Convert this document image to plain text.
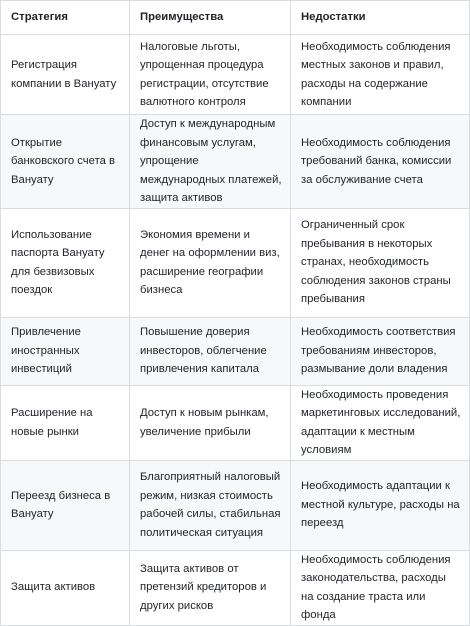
Стратегия	Преимущества	Недостатки
Регистрация компании в Вануату	Налоговые льготы, упрощенная процедура регистрации, отсутствие валютного контроля	Необходимость соблюдения местных законов и правил, расходы на содержание компании
Открытие банковского счета в Вануату	Доступ к международным финансовым услугам, упрощение международных платежей, защита активов	Необходимость соблюдения требований банка, комиссии за обслуживание счета
Использование паспорта Вануату для безвизовых поездок	Экономия времени и денег на оформлении виз, расширение географии бизнеса	Ограниченный срок пребывания в некоторых странах, необходимость соблюдения законов страны пребывания
Привлечение иностранных инвестиций	Повышение доверия инвесторов, облегчение привлечения капитала	Необходимость соответствия требованиям инвесторов, размывание доли владения
Расширение на новые рынки	Доступ к новым рынкам, увеличение прибыли	Необходимость проведения маркетинговых исследований, адаптации к местным условиям
Переезд бизнеса в Вануату	Благоприятный налоговый режим, низкая стоимость рабочей силы, стабильная политическая ситуация	Необходимость адаптации к местной культуре, расходы на переезд
Защита активов	Защита активов от претензий кредиторов и других рисков	Необходимость соблюдения законодательства, расходы на создание траста или фонда
